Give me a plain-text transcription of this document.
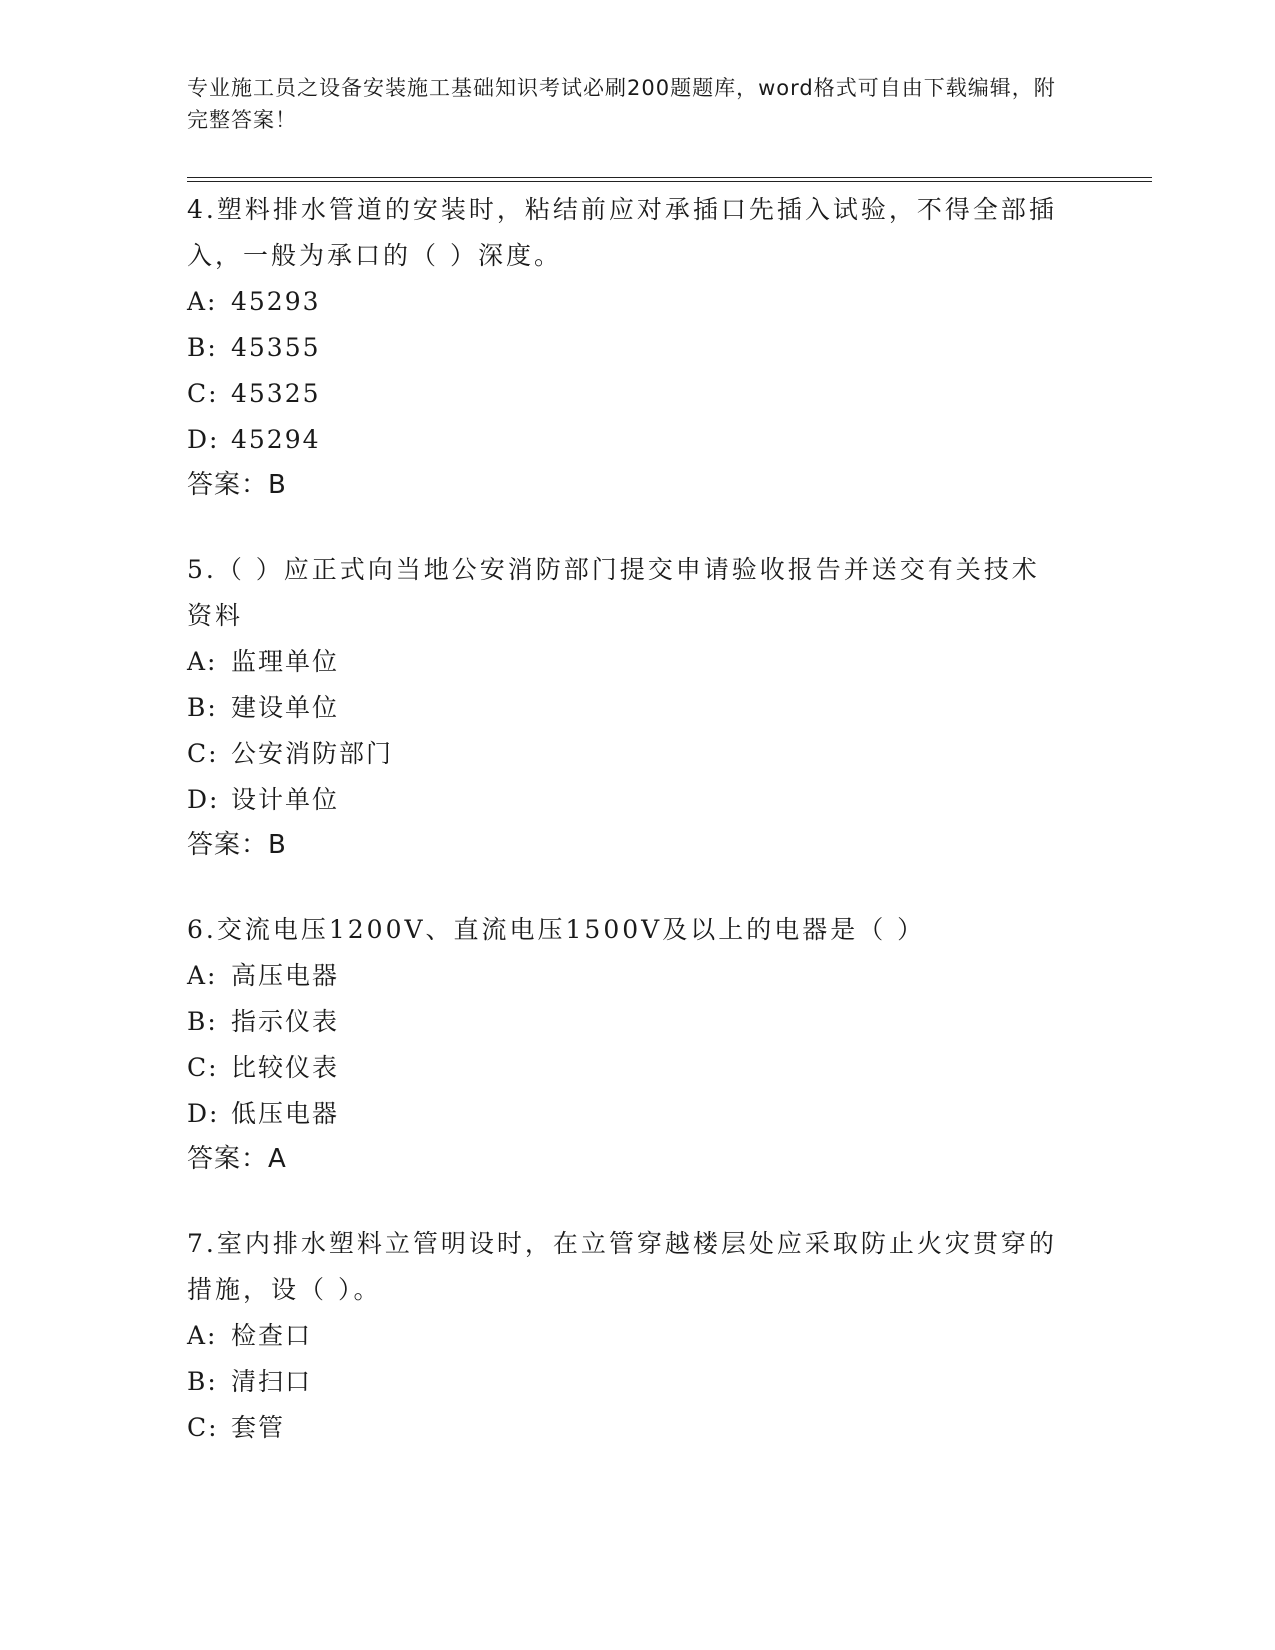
专业施工员之设备安装施工基础知识考试必刷200题题库，word格式可自由下载编辑，附完整答案！
4.塑料排水管道的安装时，粘结前应对承插口先插入试验，不得全部插入，一般为承口的（ ）深度。
A: 45293
B: 45355
C: 45325
D: 45294
答案：B
5.（ ）应正式向当地公安消防部门提交申请验收报告并送交有关技术资料
A: 监理单位
B: 建设单位
C: 公安消防部门
D: 设计单位
答案：B
6.交流电压1200V、直流电压1500V及以上的电器是（ ）
A: 高压电器
B: 指示仪表
C: 比较仪表
D: 低压电器
答案：A
7.室内排水塑料立管明设时，在立管穿越楼层处应采取防止火灾贯穿的措施，设（ ）。
A: 检查口
B: 清扫口
C: 套管
